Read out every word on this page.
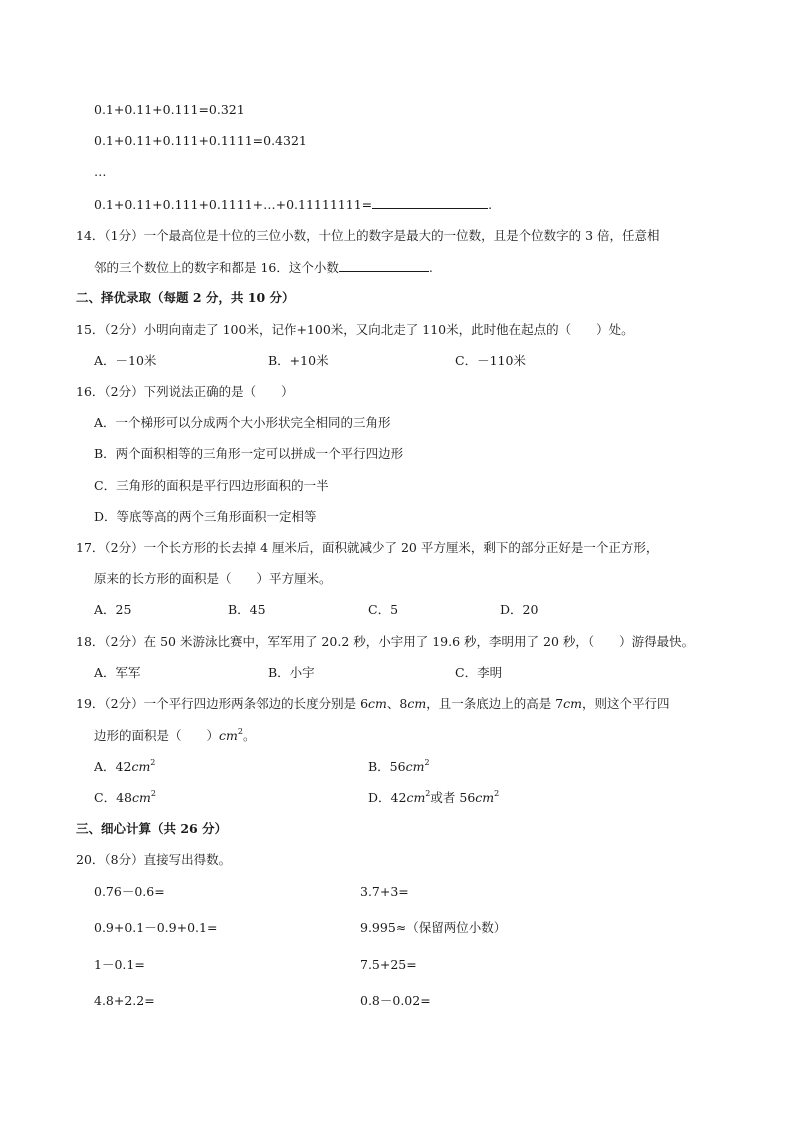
0.1+0.11+0.111=0.321
0.1+0.11+0.111+0.1111=0.4321
…
0.1+0.11+0.111+0.1111+…+0.11111111=	.
14．（1分）一个最高位是十位的三位小数，十位上的数字是最大的一位数，且是个位数字的 3 倍，任意相
邻的三个数位上的数字和都是 16．这个小数	.
二、择优录取（每题 2 分，共 10 分）
15．（2分）小明向南走了 100米，记作+100米，又向北走了 110米，此时他在起点的（　　）处。
A．－10米	B．+10米	C．－110米
16．（2分）下列说法正确的是（　　）
A．一个梯形可以分成两个大小形状完全相同的三角形
B．两个面积相等的三角形一定可以拼成一个平行四边形
C．三角形的面积是平行四边形面积的一半
D．等底等高的两个三角形面积一定相等
17．（2分）一个长方形的长去掉 4 厘米后，面积就减少了 20 平方厘米，剩下的部分正好是一个正方形，
原来的长方形的面积是（　　）平方厘米。
A．25	B．45	C．5	D．20
18．（2分）在 50 米游泳比赛中，军军用了 20.2 秒，小宇用了 19.6 秒，李明用了 20 秒，（　　）游得最快。
A．军军	B．小宇	C．李明
19．（2分）一个平行四边形两条邻边的长度分别是 6cm、8cm，且一条底边上的高是 7cm，则这个平行四
边形的面积是（　　）$cm^2$。
A．$42cm^2$	B．$56cm^2$
C．$48cm^2$	D．$42cm^2$或者 $56cm^2$
三、细心计算（共 26 分）
20．（8分）直接写出得数。
0.76－0.6=	3.7+3=
0.9+0.1－0.9+0.1=	9.995≈（保留两位小数）
1－0.1=	7.5+25=
4.8+2.2=	0.8－0.02=
